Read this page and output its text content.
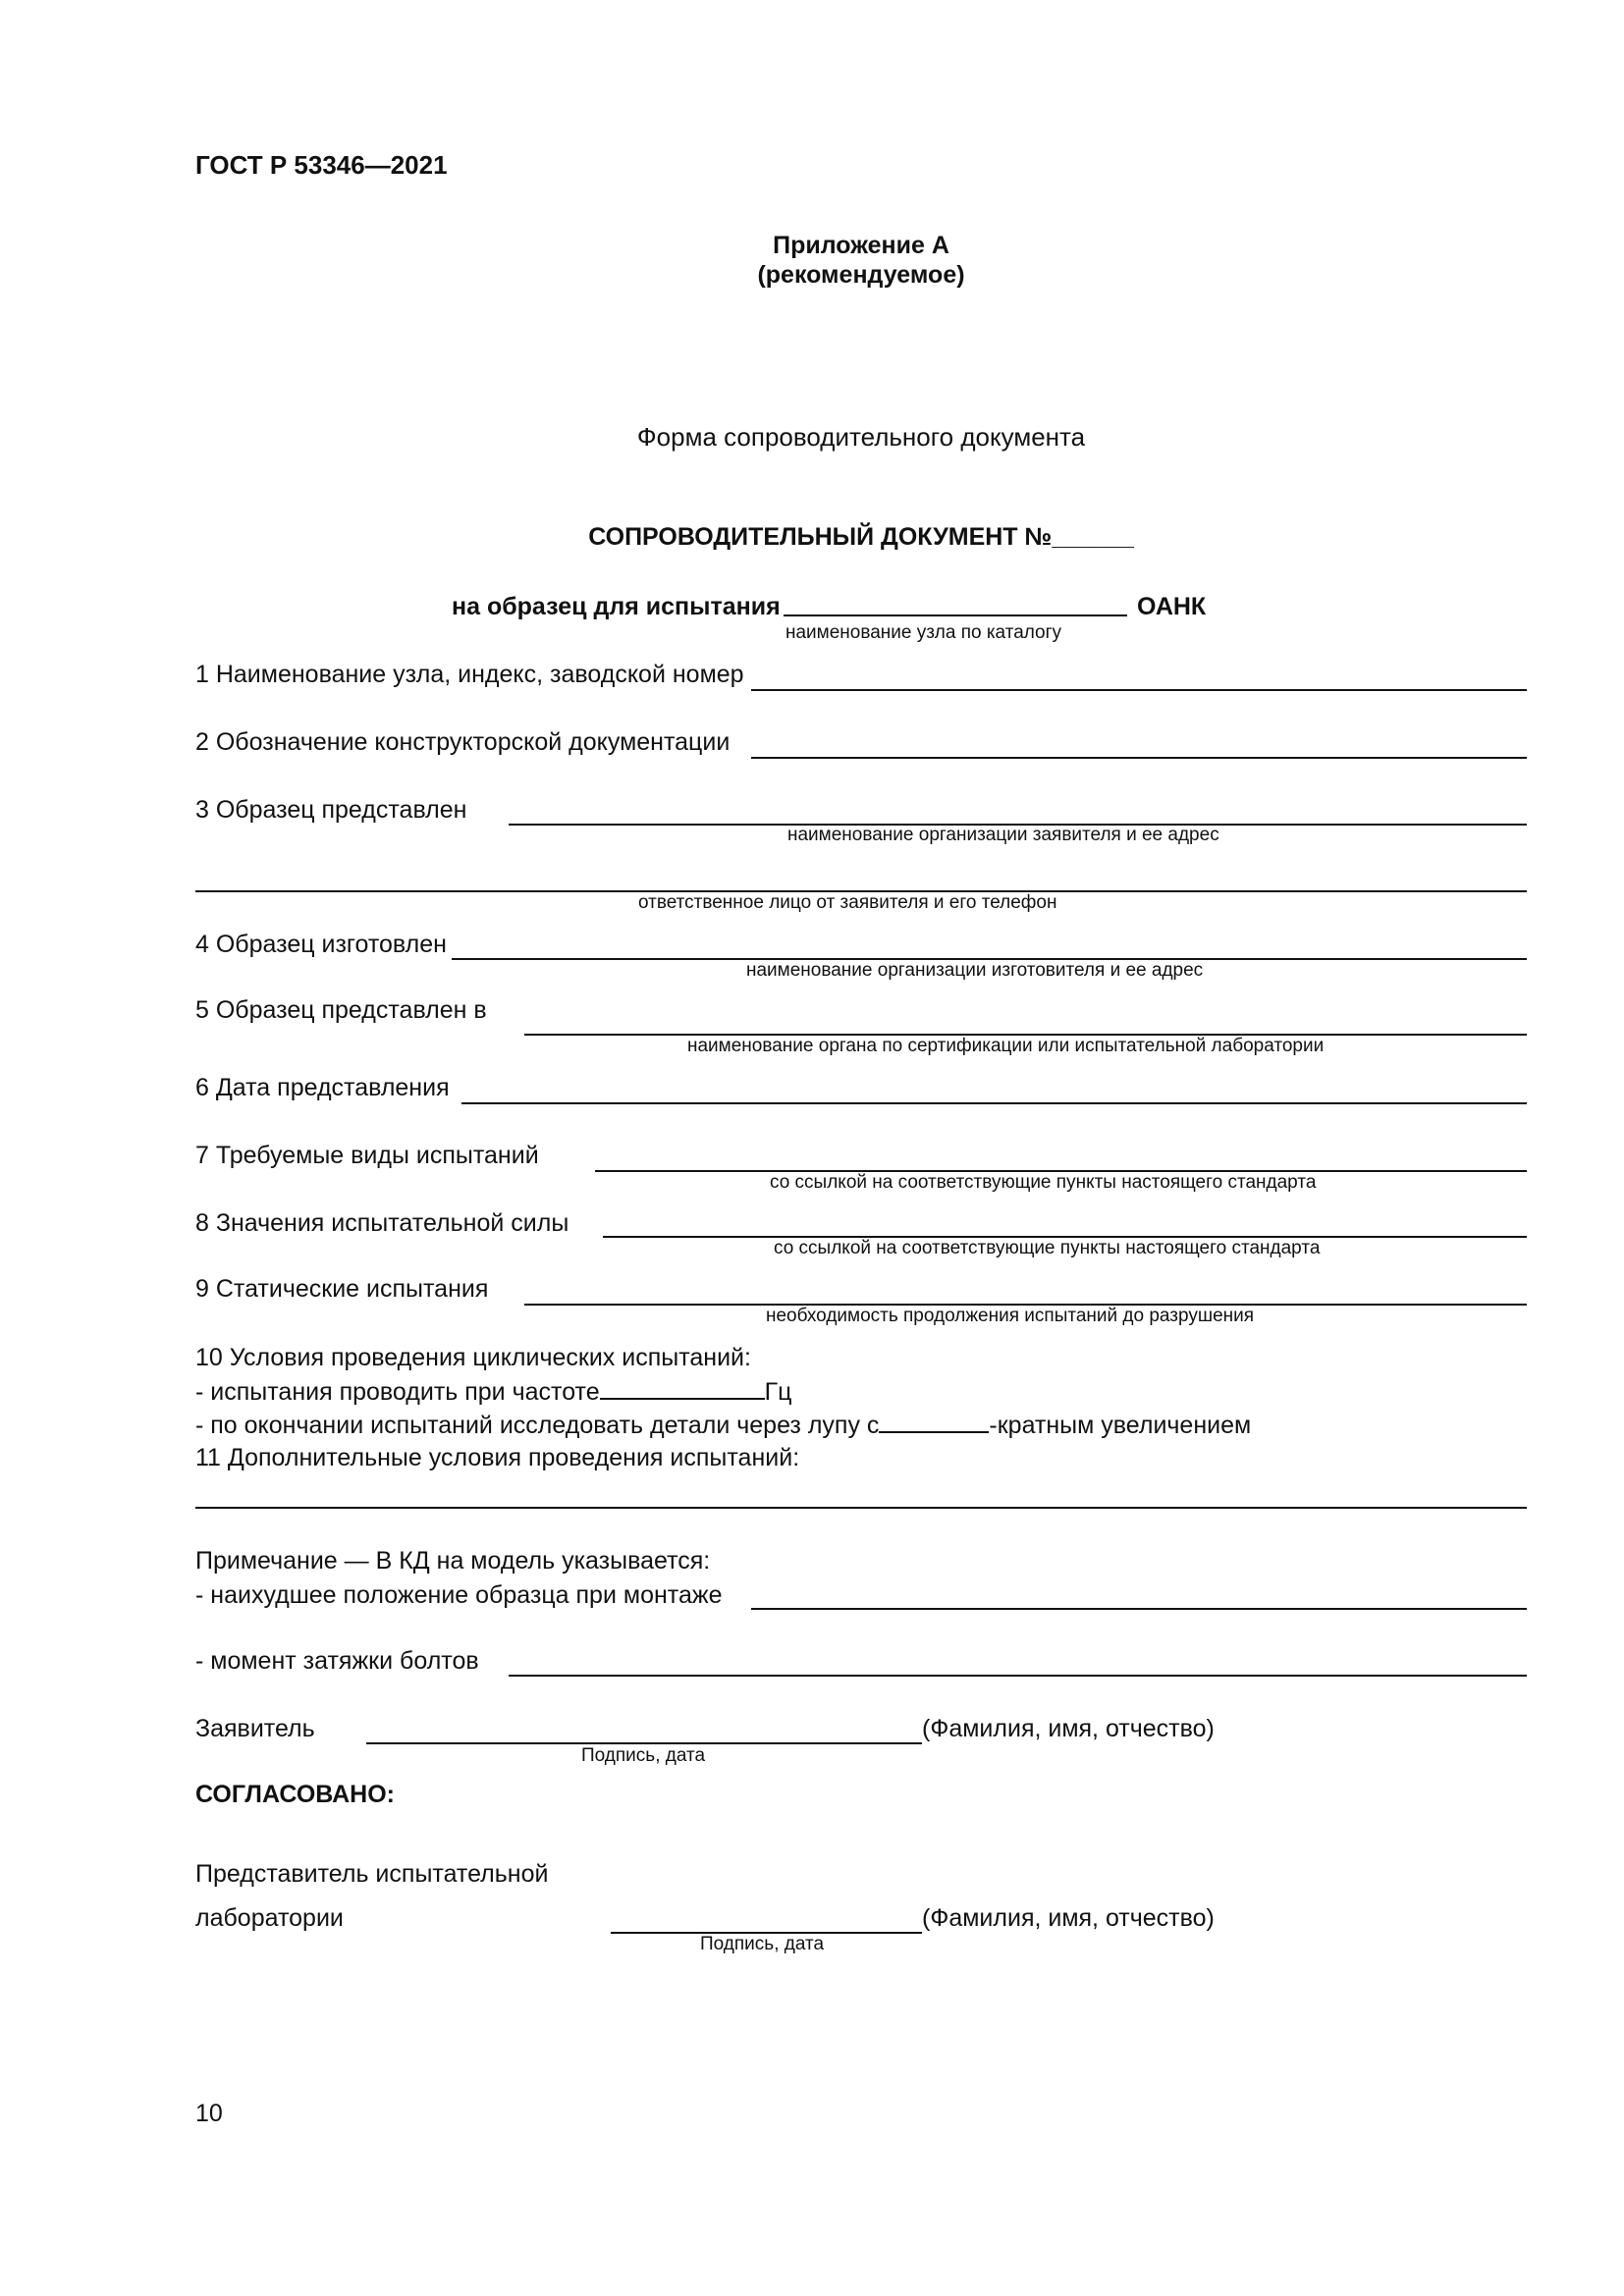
ГОСТ Р 53346—2021
Приложение А
(рекомендуемое)
Форма сопроводительного документа
СОПРОВОДИТЕЛЬНЫЙ ДОКУМЕНТ №______
на образец для испытания	ОАНК
наименование узла по каталогу
1 Наименование узла, индекс, заводской номер
2 Обозначение конструкторской документации
3 Образец представлен
наименование организации заявителя и ее адрес
ответственное лицо от заявителя и его телефон
4 Образец изготовлен
наименование организации изготовителя и ее адрес
5 Образец представлен в
наименование органа по сертификации или испытательной лаборатории
6 Дата представления
7 Требуемые виды испытаний
со ссылкой на соответствующие пункты настоящего стандарта
8 Значения испытательной силы
со ссылкой на соответствующие пункты настоящего стандарта
9 Статические испытания
необходимость продолжения испытаний до разрушения
10 Условия проведения циклических испытаний:
- испытания проводить при частоте	Гц
- по окончании испытаний исследовать детали через лупу с	-кратным увеличением
11 Дополнительные условия проведения испытаний:
Примечание — В КД на модель указывается:
- наихудшее положение образца при монтаже
- момент затяжки болтов
Заявитель	(Фамилия, имя, отчество)
Подпись, дата
СОГЛАСОВАНО:
Представитель испытательной
лаборатории	(Фамилия, имя, отчество)
Подпись, дата
10
